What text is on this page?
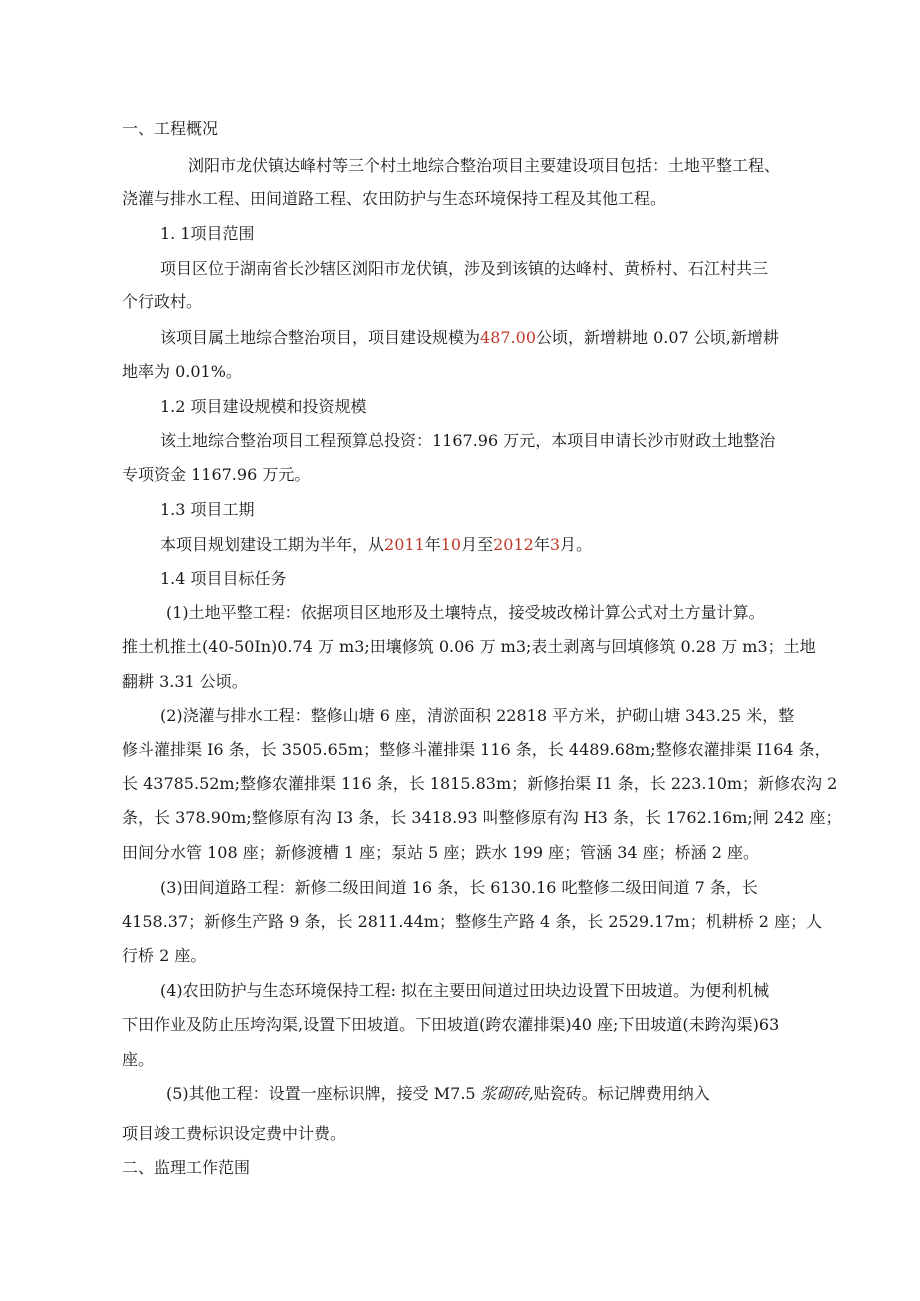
一、工程概况
浏阳市龙伏镇达峰村等三个村土地综合整治项目主要建设项目包括：土地平整工程、
浇灌与排水工程、田间道路工程、农田防护与生态环境保持工程及其他工程。
1. 1项目范围
项目区位于湖南省长沙辖区浏阳市龙伏镇，涉及到该镇的达峰村、黄桥村、石江村共三
个行政村。
该项目属土地综合整治项目，项目建设规模为487.00公顷，新增耕地 0.07 公顷,新增耕
地率为 0.01%。
1.2 项目建设规模和投资规模
该土地综合整治项目工程预算总投资：1167.96 万元，本项目申请长沙市财政土地整治
专项资金 1167.96 万元。
1.3 项目工期
本项目规划建设工期为半年，从2011年10月至2012年3月。
1.4 项目目标任务
(1)土地平整工程：依据项目区地形及土壤特点，接受坡改梯计算公式对土方量计算。
推土机推土(40-50In)0.74 万 m3;田壤修筑 0.06 万 m3;表土剥离与回填修筑 0.28 万 m3；土地
翻耕 3.31 公顷。
(2)浇灌与排水工程：整修山塘 6 座，清淤面积 22818 平方米，护砌山塘 343.25 米，整
修斗灌排渠 I6 条，长 3505.65m；整修斗灌排渠 116 条，长 4489.68m;整修农灌排渠 I164 条，
长 43785.52m;整修农灌排渠 116 条，长 1815.83m；新修抬渠 I1 条，长 223.10m；新修农沟 2
条，长 378.90m;整修原有沟 I3 条，长 3418.93 叫整修原有沟 H3 条，长 1762.16m;闸 242 座；
田间分水管 108 座；新修渡槽 1 座；泵站 5 座；跌水 199 座；管涵 34 座；桥涵 2 座。
(3)田间道路工程：新修二级田间道 16 条，长 6130.16 叱整修二级田间道 7 条，长
4158.37；新修生产路 9 条，长 2811.44m；整修生产路 4 条，长 2529.17m；机耕桥 2 座；人
行桥 2 座。
(4)农田防护与生态环境保持工程: 拟在主要田间道过田块边设置下田坡道。为便利机械
下田作业及防止压垮沟渠,设置下田坡道。下田坡道(跨农灌排渠)40 座;下田坡道(未跨沟渠)63
座。
(5)其他工程：设置一座标识牌，接受 M7.5 浆砌砖,贴瓷砖。标记牌费用纳入
项目竣工费标识设定费中计费。
二、监理工作范围
